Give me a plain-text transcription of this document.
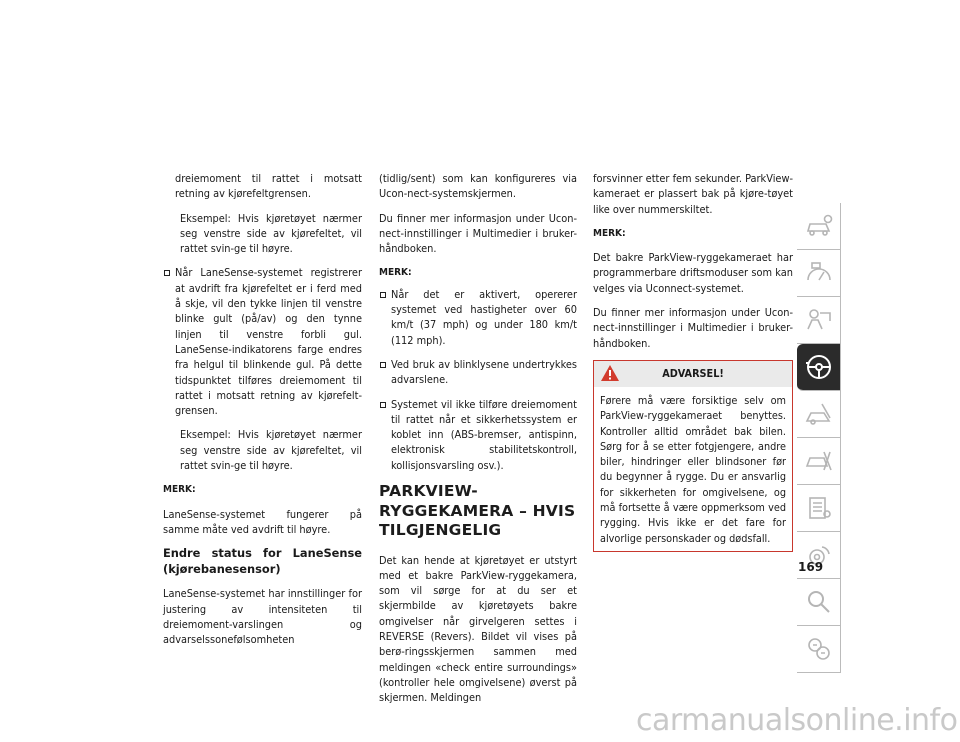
dreiemoment til rattet i motsatt retning av kjørefeltgrensen.

Eksempel: Hvis kjøretøyet nærmer seg venstre side av kjørefeltet, vil rattet svin-ge til høyre.

Når LaneSense-systemet registrerer at avdrift fra kjørefeltet er i ferd med å skje, vil den tykke linjen til venstre blinke gult (på/av) og den tynne linjen til venstre forbli gul. LaneSense-indikatorens farge endres fra helgul til blinkende gul. På dette tidspunktet tilføres dreiemoment til rattet i motsatt retning av kjørefelt-grensen.

Eksempel: Hvis kjøretøyet nærmer seg venstre side av kjørefeltet, vil rattet svin-ge til høyre.

MERK:

LaneSense-systemet fungerer på samme måte ved avdrift til høyre.

Endre status for LaneSense (kjørebanesensor)

LaneSense-systemet har innstillinger for justering av intensiteten til dreiemoment-varslingen og advarselssonefølsomheten

(tidlig/sent) som kan konfigureres via Ucon-nect-systemskjermen.

Du finner mer informasjon under Ucon-nect-innstillinger i Multimedier i bruker-håndboken.

MERK:

Når det er aktivert, opererer systemet ved hastigheter over 60 km/t (37 mph) og under 180 km/t (112 mph).

Ved bruk av blinklysene undertrykkes advarslene.

Systemet vil ikke tilføre dreiemoment til rattet når et sikkerhetssystem er koblet inn (ABS-bremser, antispinn, elektronisk stabilitetskontroll, kollisjonsvarsling osv.).

PARKVIEW-RYGGEKAMERA – HVIS TILGJENGELIG

Det kan hende at kjøretøyet er utstyrt med et bakre ParkView-ryggekamera, som vil sørge for at du ser et skjermbilde av kjøretøyets bakre omgivelser når girvelgeren settes i REVERSE (Revers). Bildet vil vises på berø-ringsskjermen sammen med meldingen «check entire surroundings» (kontroller hele omgivelsene) øverst på skjermen. Meldingen

forsvinner etter fem sekunder. ParkView-kameraet er plassert bak på kjøre-tøyet like over nummerskiltet.

MERK:

Det bakre ParkView-ryggekameraet har programmerbare driftsmoduser som kan velges via Uconnect-systemet.

Du finner mer informasjon under Ucon-nect-innstillinger i Multimedier i bruker-håndboken.

ADVARSEL!
Førere må være forsiktige selv om ParkView-ryggekameraet benyttes. Kontroller alltid området bak bilen. Sørg for å se etter fotgjengere, andre biler, hindringer eller blindsoner før du begynner å rygge. Du er ansvarlig for sikkerheten for omgivelsene, og må fortsette å være oppmerksom ved rygging. Hvis ikke er det fare for alvorlige personskader og dødsfall.
169
carmanualsonline.info
